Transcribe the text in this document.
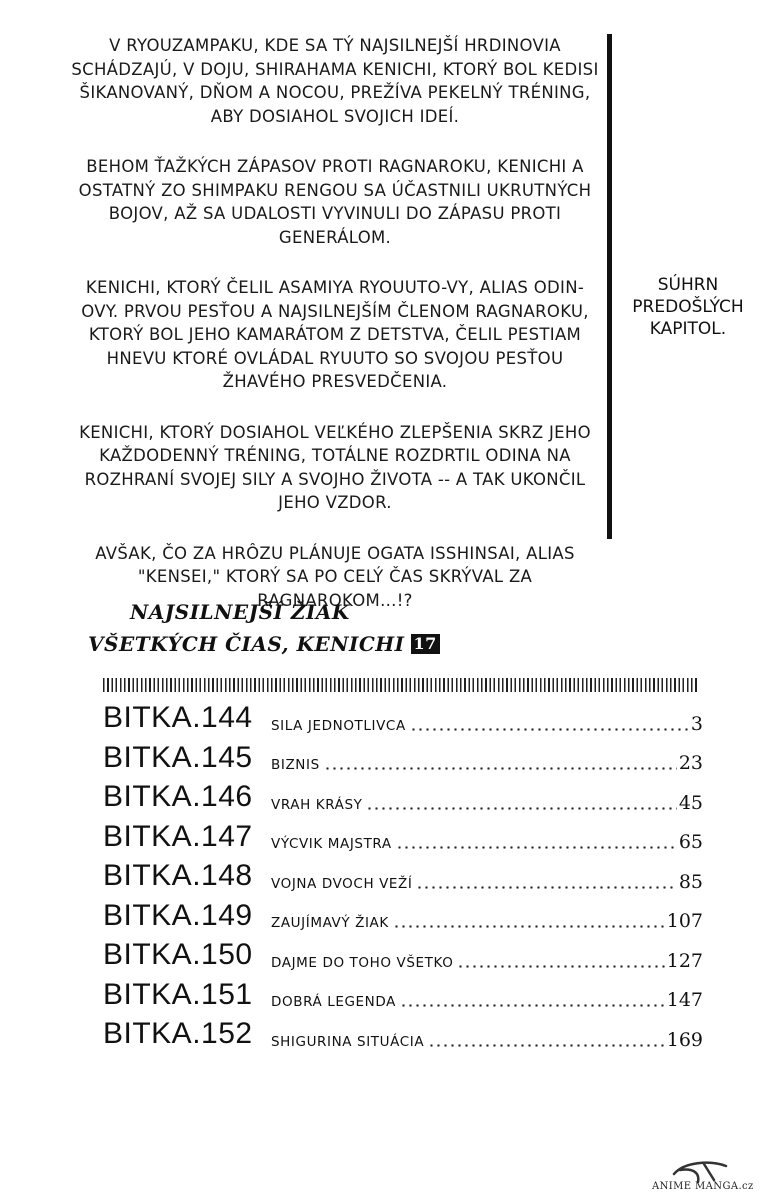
V RYOUZAMPAKU, KDE SA TÝ NAJSILNEJŠÍ HRDINOVIA SCHÁDZAJÚ, V DOJU, SHIRAHAMA KENICHI, KTORÝ BOL KEDISI ŠIKANOVANÝ, DŇOM A NOCOU, PREŽÍVA PEKELNÝ TRÉNING, ABY DOSIAHOL SVOJICH IDEÍ.

BEHOM ŤAŽKÝCH ZÁPASOV PROTI RAGNAROKU, KENICHI A OSTATNÝ ZO SHIMPAKU RENGOU SA ÚČASTNILI UKRUTNÝCH BOJOV, AŽ SA UDALOSTI VYVINULI DO ZÁPASU PROTI GENERÁLOM.

KENICHI, KTORÝ ČELIL ASAMIYA RYOUUTO-VY, ALIAS ODIN-OVY. PRVOU PESŤOU A NAJSILNEJŠÍM ČLENOM RAGNAROKU, KTORÝ BOL JEHO KAMARÁTOM Z DETSTVA, ČELIL PESTIAM HNEVU KTORÉ OVLÁDAL RYUUTO SO SVOJOU PESŤOU ŽHAVÉHO PRESVEDČENIA.

KENICHI, KTORÝ DOSIAHOL VEĽKÉHO ZLEPŠENIA SKRZ JEHO KAŽDODENNÝ TRÉNING, TOTÁLNE ROZDRTIL ODINA NA ROZHRANÍ SVOJEJ SILY A SVOJHO ŽIVOTA -- A TAK UKONČIL JEHO VZDOR.

AVŠAK, ČO ZA HRÔZU PLÁNUJE OGATA ISSHINSAI, ALIAS "KENSEI," KTORÝ SA PO CELÝ ČAS SKRÝVAL ZA RAGNAROKOM...!?

SÚHRN
PREDOŠLÝCH
KAPITOL.
NAJSILNEJŠÍ ŽIAK
VŠETKÝCH ČIAS, KENICHI 17
BITKA.144 SILA JEDNOTLIVCA	3
BITKA.145 BIZNIS	23
BITKA.146 VRAH KRÁSY	45
BITKA.147 VÝCVIK MAJSTRA	65
BITKA.148 VOJNA DVOCH VEŽÍ	85
BITKA.149 ZAUJÍMAVÝ ŽIAK	107
BITKA.150 DAJME DO TOHO VŠETKO	127
BITKA.151 DOBRÁ LEGENDA	147
BITKA.152 SHIGURINA SITUÁCIA	169
ANIME MANGA.cz
